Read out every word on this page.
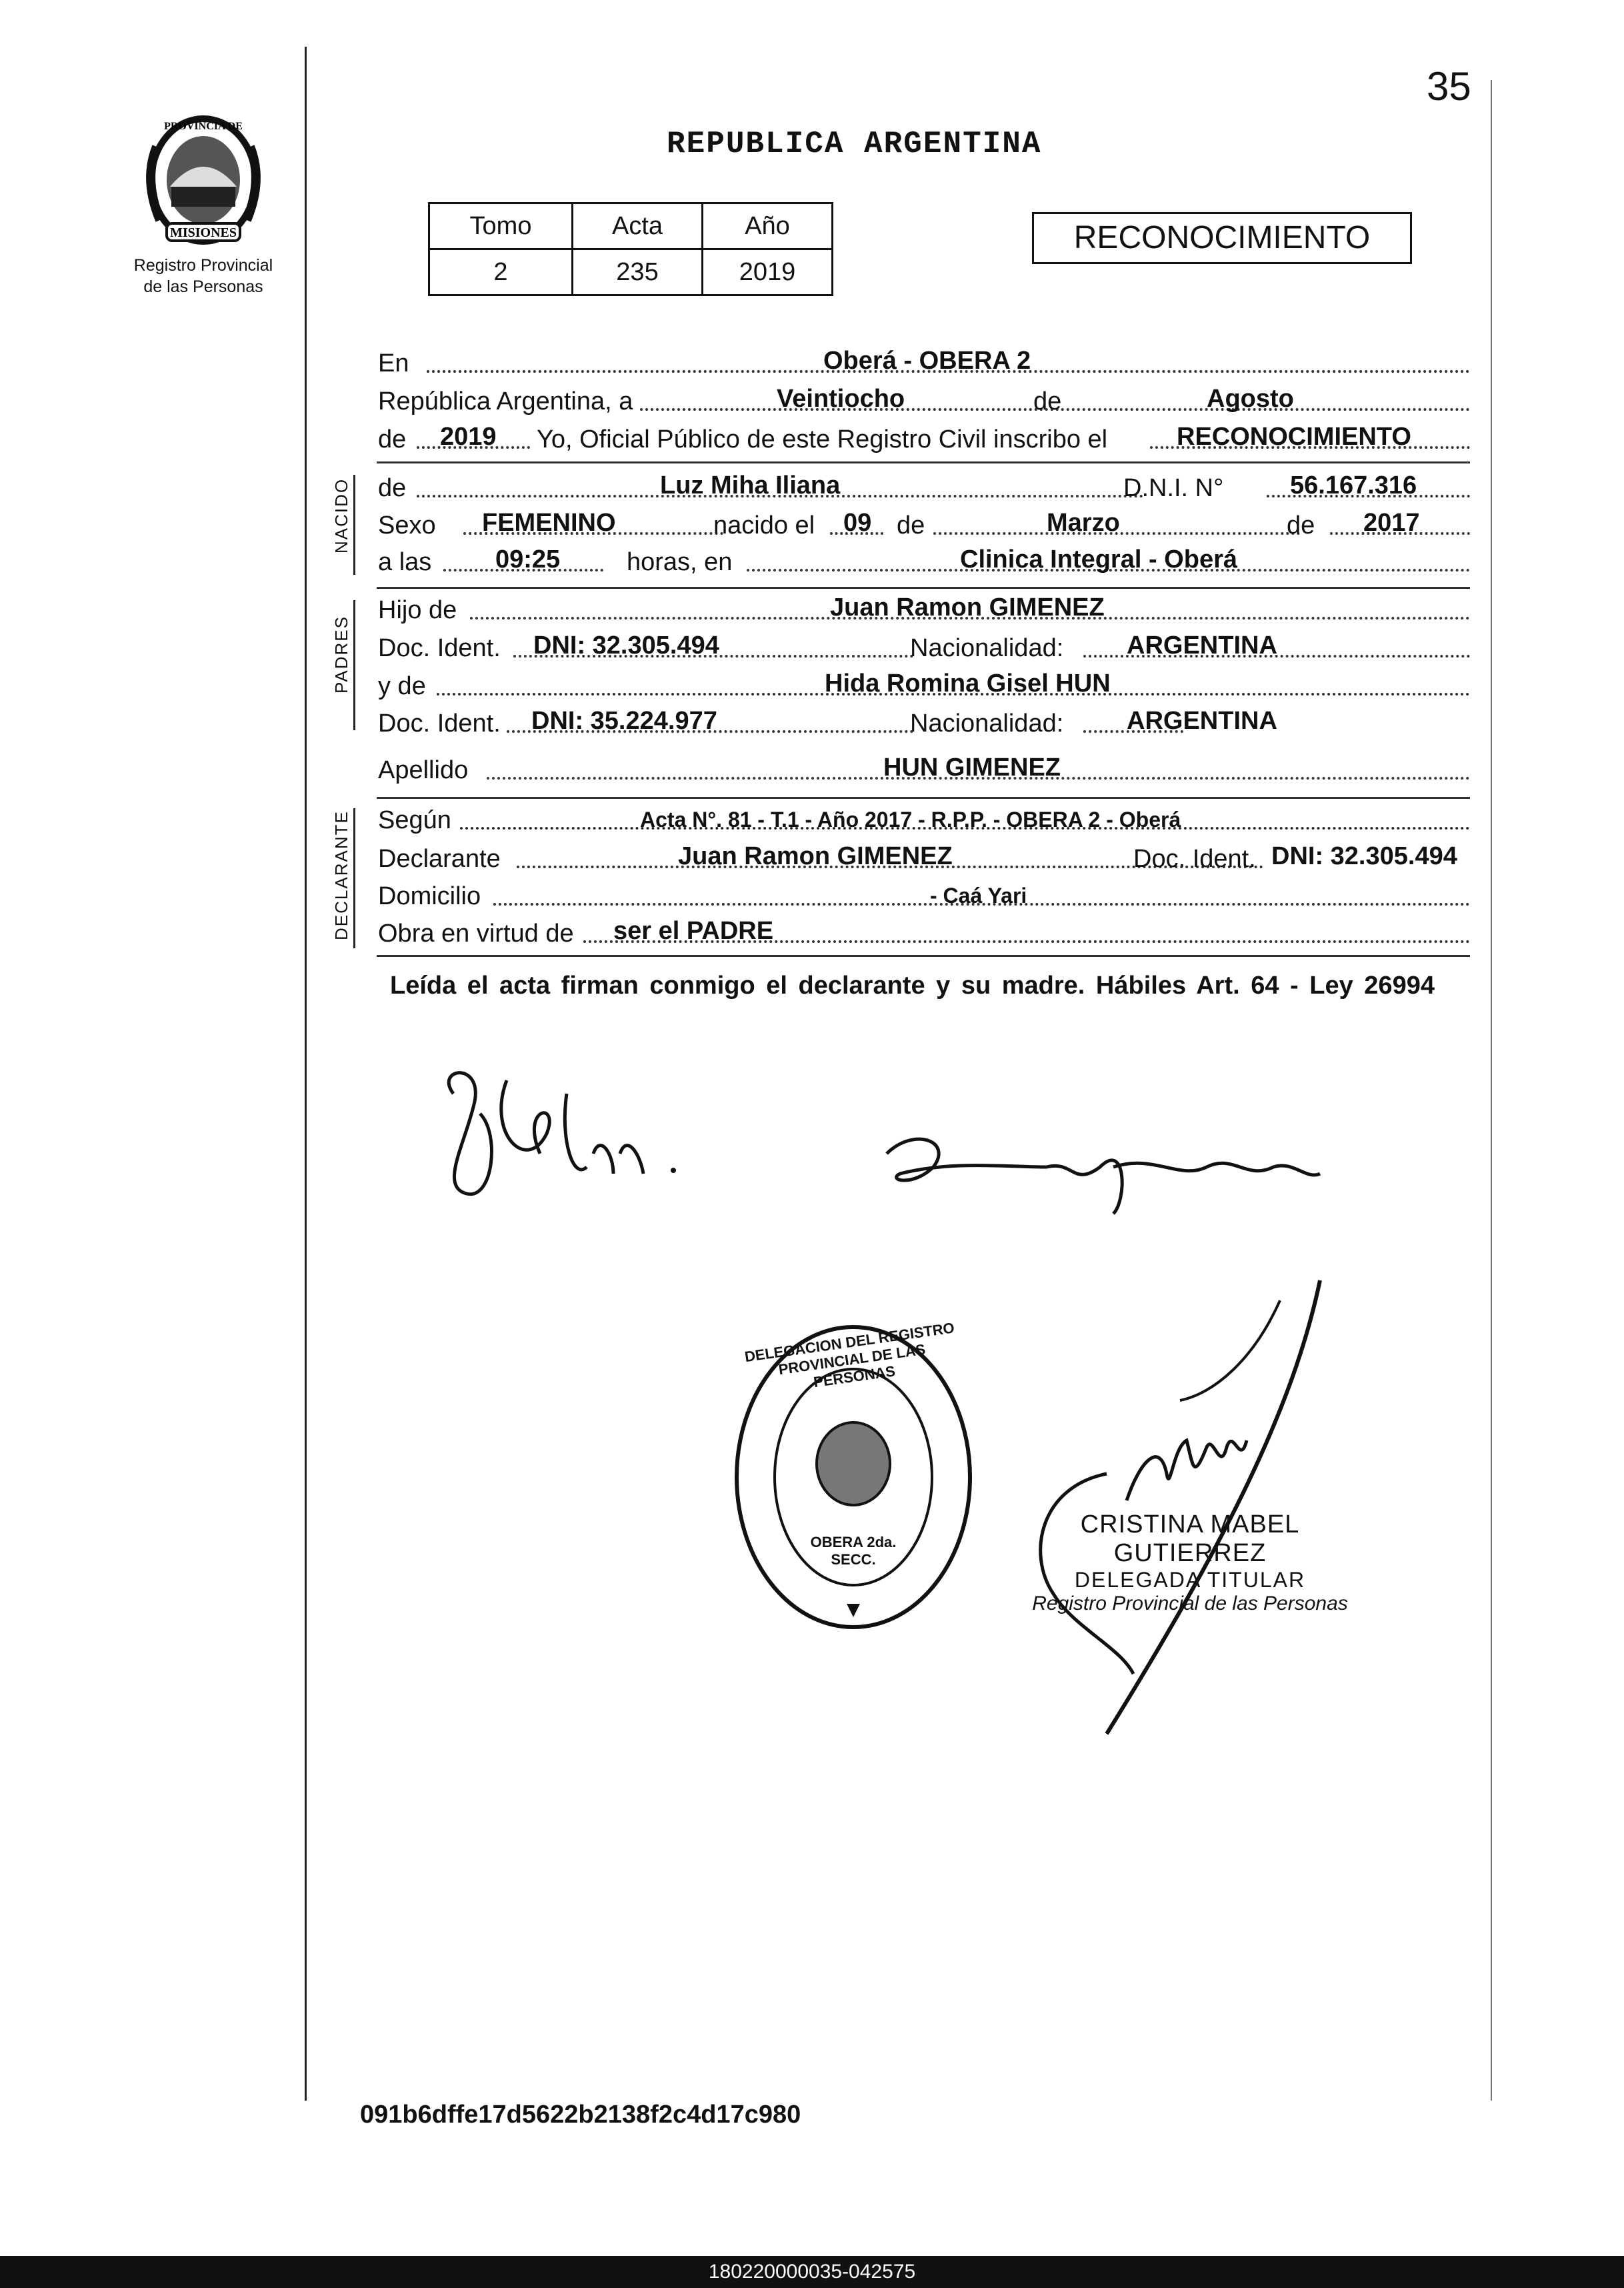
35
MISIONES
PROVINCIA DE
Registro Provincial
de las Personas
REPUBLICA ARGENTINA
Tomo	Acta	Año
2	235	2019
RECONOCIMIENTO
En	Oberá - OBERA 2
República Argentina, a	Veintiocho	de	Agosto
de 2019 Yo, Oficial Público de este Registro Civil inscribo el	RECONOCIMIENTO
NACIDO de	Luz Miha Iliana	D.N.I. N°	56.167.316
Sexo FEMENINO	nacido el 09 de	Marzo	de 2017
a las	09:25	horas, en	Clinica Integral - Oberá
PADRES
Hijo de	Juan Ramon GIMENEZ
Doc. Ident. DNI: 32.305.494	Nacionalidad: ARGENTINA
y de	Hida Romina Gisel HUN
Doc. Ident. DNI: 35.224.977	Nacionalidad: ARGENTINA
Apellido	HUN GIMENEZ
DECLARANTE Según	Acta N°. 81 - T.1 - Año 2017 - R.P.P. - OBERA 2 - Oberá
Declarante	Juan Ramon GIMENEZ	Doc. Ident. DNI: 32.305.494
Domicilio	- Caá Yari
Obra en virtud de ser el PADRE
Leída el acta firman conmigo el declarante y su madre. Hábiles Art. 64 - Ley 26994
DELEGACION DEL REGISTRO PROVINCIAL DE LAS PERSONAS
OBERA 2da. SECC.
CRISTINA MABEL GUTIERREZ
DELEGADA TITULAR
Registro Provincial de las Personas
091b6dffe17d5622b2138f2c4d17c980
180220000035-042575
